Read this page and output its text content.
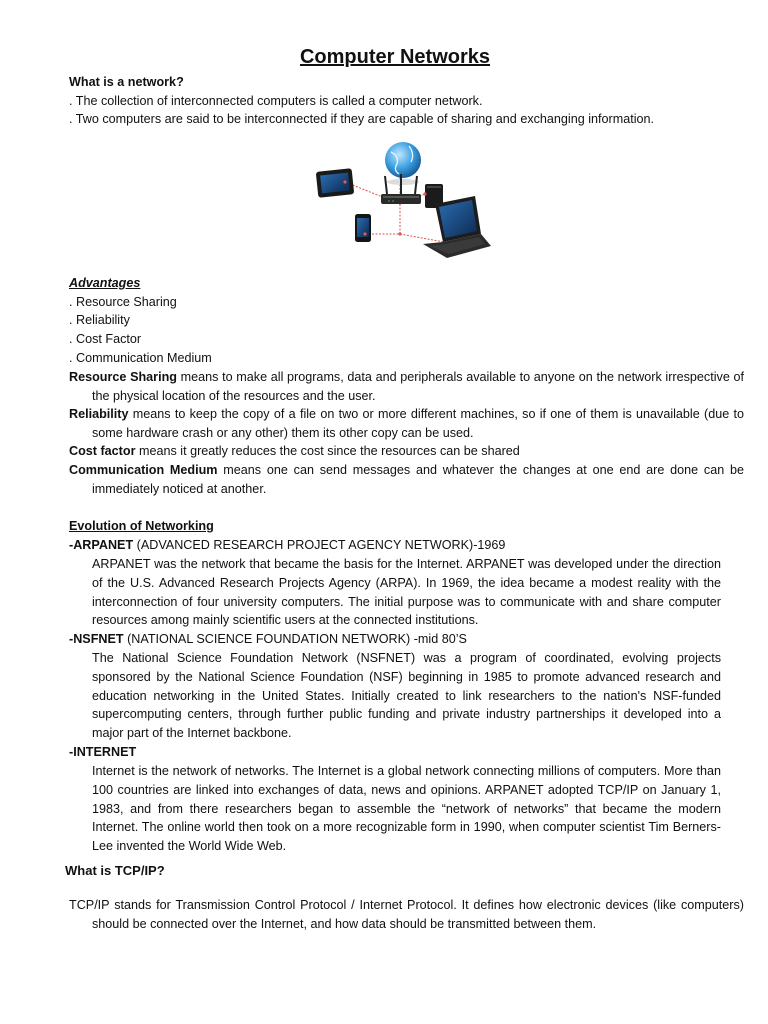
Computer Networks
What is a network?
. The collection of interconnected computers is called a computer network.
. Two computers are said to be interconnected if they are capable of sharing and exchanging information.
Advantages
. Resource Sharing
. Reliability
. Cost Factor
. Communication Medium
Resource Sharing means to make all programs, data and peripherals available to anyone on the network irrespective of the physical location of the resources and the user.
Reliability means to keep the copy of a file on two or more different machines, so if one of them is unavailable (due to some hardware crash or any other) them its other copy can be used.
Cost factor means it greatly reduces the cost since the resources can be shared
Communication Medium means one can send messages and whatever the changes at one end are done can be immediately noticed at another.
Evolution of Networking
-ARPANET (ADVANCED RESEARCH PROJECT AGENCY NETWORK)-1969
ARPANET was the network that became the basis for the Internet. ARPANET was developed under the direction of the U.S. Advanced Research Projects Agency (ARPA). In 1969, the idea became a modest reality with the interconnection of four university computers. The initial purpose was to communicate with and share computer resources among mainly scientific users at the connected institutions.
-NSFNET (NATIONAL SCIENCE FOUNDATION NETWORK) -mid 80’S
The National Science Foundation Network (NSFNET) was a program of coordinated, evolving projects sponsored by the National Science Foundation (NSF) beginning in 1985 to promote advanced research and education networking in the United States. Initially created to link researchers to the nation's NSF-funded supercomputing centers, through further public funding and private industry partnerships it developed into a major part of the Internet backbone.
-INTERNET
Internet is the network of networks. The Internet is a global network connecting millions of computers. More than 100 countries are linked into exchanges of data, news and opinions. ARPANET adopted TCP/IP on January 1, 1983, and from there researchers began to assemble the “network of networks” that became the modern Internet. The online world then took on a more recognizable form in 1990, when computer scientist Tim Berners-Lee invented the World Wide Web.
What is TCP/IP?
TCP/IP stands for Transmission Control Protocol / Internet Protocol. It defines how electronic devices (like computers) should be connected over the Internet, and how data should be transmitted between them.
